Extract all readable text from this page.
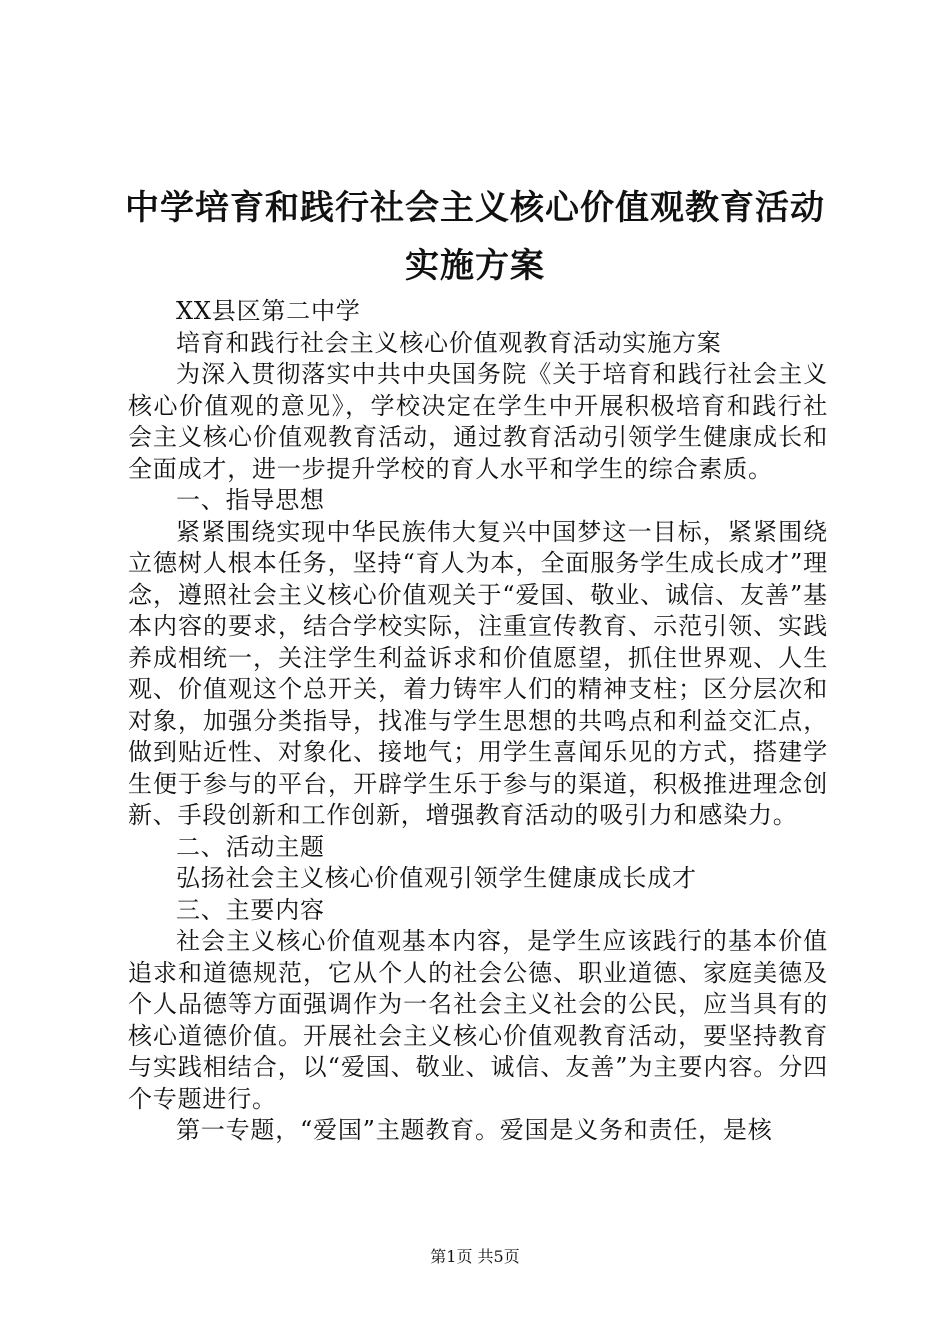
中学培育和践行社会主义核心价值观教育活动
实施方案

XX县区第二中学

培育和践行社会主义核心价值观教育活动实施方案

为深入贯彻落实中共中央国务院《关于培育和践行社会主义核心价值观的意见》，学校决定在学生中开展积极培育和践行社会主义核心价值观教育活动，通过教育活动引领学生健康成长和全面成才，进一步提升学校的育人水平和学生的综合素质。

一、指导思想

紧紧围绕实现中华民族伟大复兴中国梦这一目标，紧紧围绕立德树人根本任务，坚持“育人为本，全面服务学生成长成才”理念，遵照社会主义核心价值观关于“爱国、敬业、诚信、友善”基本内容的要求，结合学校实际，注重宣传教育、示范引领、实践养成相统一，关注学生利益诉求和价值愿望，抓住世界观、人生观、价值观这个总开关，着力铸牢人们的精神支柱；区分层次和对象，加强分类指导，找准与学生思想的共鸣点和利益交汇点，做到贴近性、对象化、接地气；用学生喜闻乐见的方式，搭建学生便于参与的平台，开辟学生乐于参与的渠道，积极推进理念创新、手段创新和工作创新，增强教育活动的吸引力和感染力。

二、活动主题

弘扬社会主义核心价值观引领学生健康成长成才

三、主要内容

社会主义核心价值观基本内容，是学生应该践行的基本价值追求和道德规范，它从个人的社会公德、职业道德、家庭美德及个人品德等方面强调作为一名社会主义社会的公民，应当具有的核心道德价值。开展社会主义核心价值观教育活动，要坚持教育与实践相结合，以“爱国、敬业、诚信、友善”为主要内容。分四个专题进行。

第一专题，“爱国”主题教育。爱国是义务和责任，是核

第1页 共5页
